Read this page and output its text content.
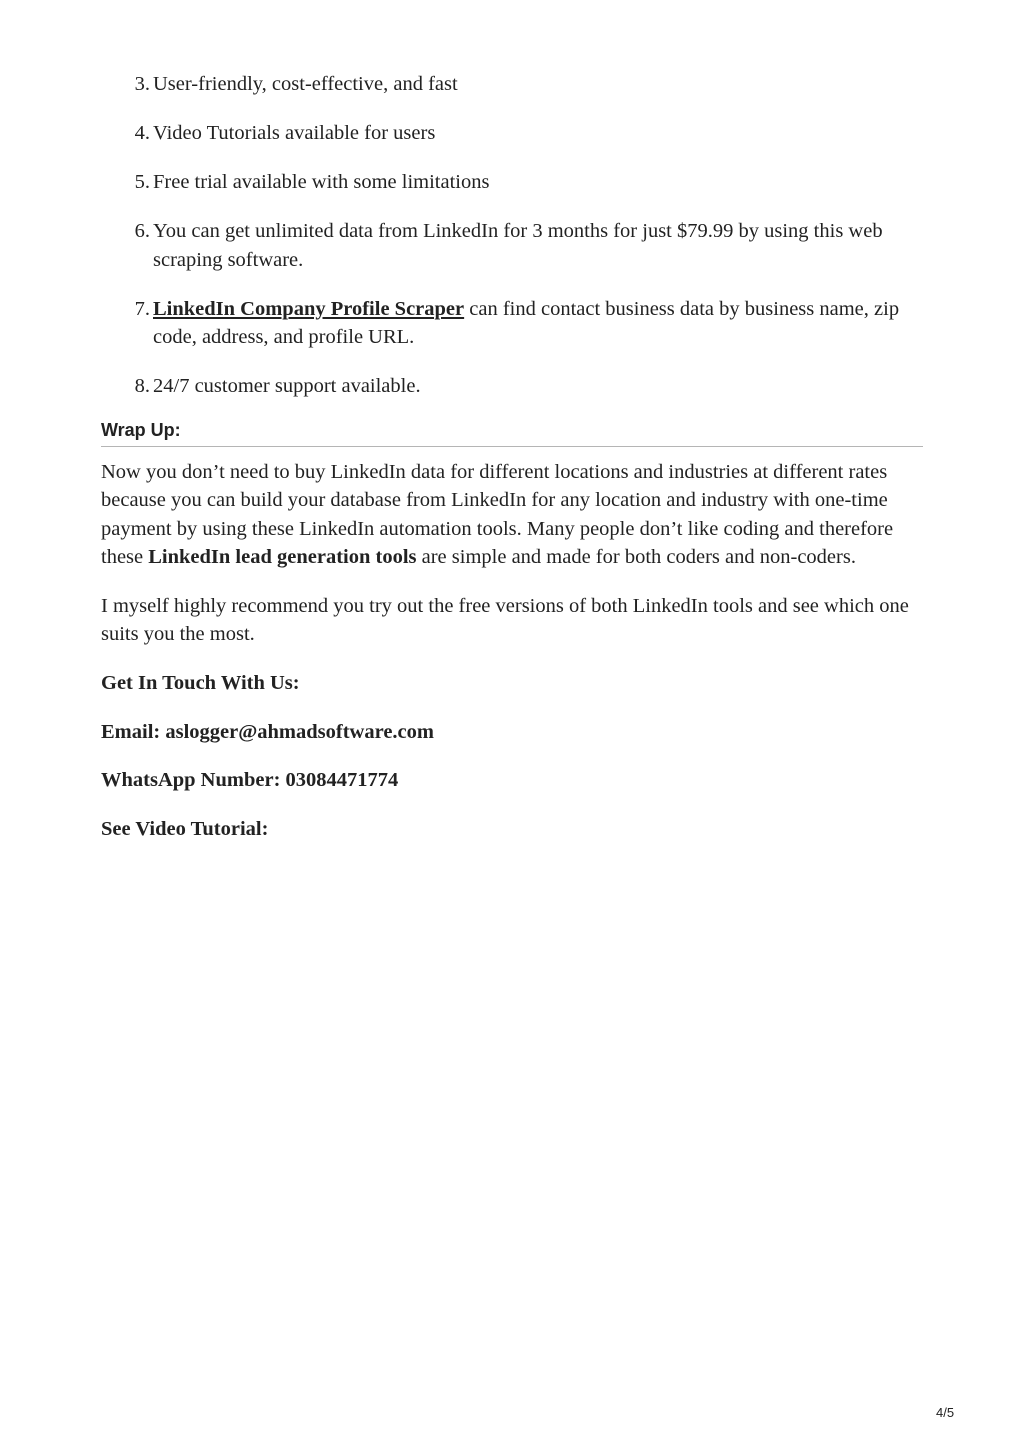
3. User-friendly, cost-effective, and fast
4. Video Tutorials available for users
5. Free trial available with some limitations
6. You can get unlimited data from LinkedIn for 3 months for just $79.99 by using this web scraping software.
7. LinkedIn Company Profile Scraper can find contact business data by business name, zip code, address, and profile URL.
8. 24/7 customer support available.
Wrap Up:

Now you don’t need to buy LinkedIn data for different locations and industries at different rates because you can build your database from LinkedIn for any location and industry with one-time payment by using these LinkedIn automation tools. Many people don’t like coding and therefore these LinkedIn lead generation tools are simple and made for both coders and non-coders.

I myself highly recommend you try out the free versions of both LinkedIn tools and see which one suits you the most.

Get In Touch With Us:

Email: aslogger@ahmadsoftware.com

WhatsApp Number: 03084471774

See Video Tutorial:

4/5
